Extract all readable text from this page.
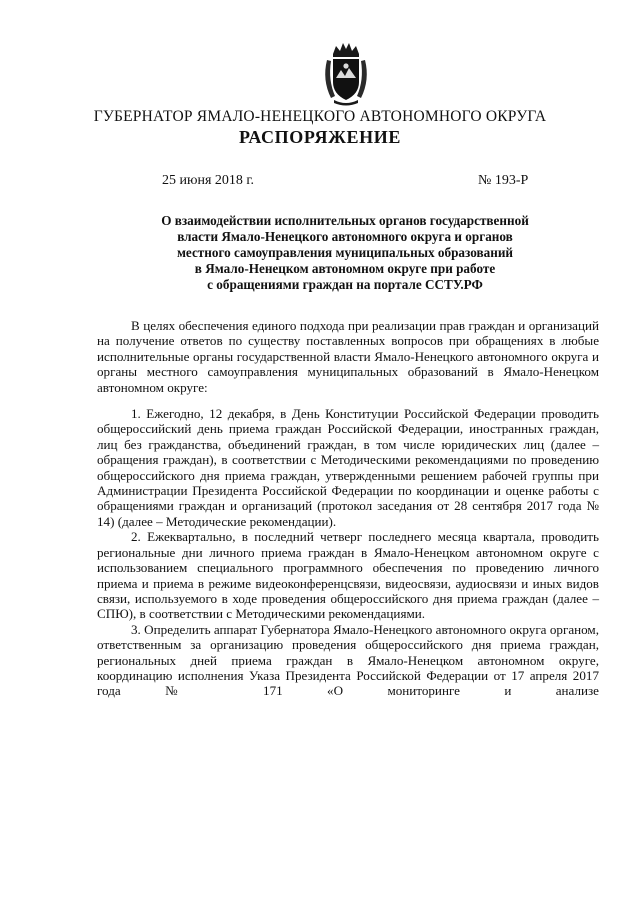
ГУБЕРНАТОР ЯМАЛО-НЕНЕЦКОГО АВТОНОМНОГО ОКРУГА
РАСПОРЯЖЕНИЕ
25 июня 2018 г.	№ 193-Р
О взаимодействии исполнительных органов государственной
власти Ямало-Ненецкого автономного округа и органов
местного самоуправления муниципальных образований
в Ямало-Ненецком автономном округе при работе
с обращениями граждан на портале ССТУ.РФ

В целях обеспечения единого подхода при реализации прав граждан и организаций на получение ответов по существу поставленных вопросов при обращениях в любые исполнительные органы государственной власти Ямало-Ненецкого автономного округа и органы местного самоуправления муниципальных образований в Ямало-Ненецком автономном округе:

1. Ежегодно, 12 декабря, в День Конституции Российской Федерации проводить общероссийский день приема граждан Российской Федерации, иностранных граждан, лиц без гражданства, объединений граждан, в том числе юридических лиц (далее – обращения граждан), в соответствии с Методическими рекомендациями по проведению общероссийского дня приема граждан, утвержденными решением рабочей группы при Администрации Президента Российской Федерации по координации и оценке работы с обращениями граждан и организаций (протокол заседания от 28 сентября 2017 года № 14) (далее – Методические рекомендации).

2. Ежеквартально, в последний четверг последнего месяца квартала, проводить региональные дни личного приема граждан в Ямало-Ненецком автономном округе с использованием специального программного обеспечения по проведению личного приема и приема в режиме видеоконференцсвязи, видеосвязи, аудиосвязи и иных видов связи, используемого в ходе проведения общероссийского дня приема граждан (далее – СПЮ), в соответствии с Методическими рекомендациями.

3. Определить аппарат Губернатора Ямало-Ненецкого автономного округа органом, ответственным за организацию проведения общероссийского дня приема граждан, региональных дней приема граждан в Ямало-Ненецком автономном округе, координацию исполнения Указа Президента Российской Федерации от 17 апреля 2017 года № 171 «О мониторинге и анализе
